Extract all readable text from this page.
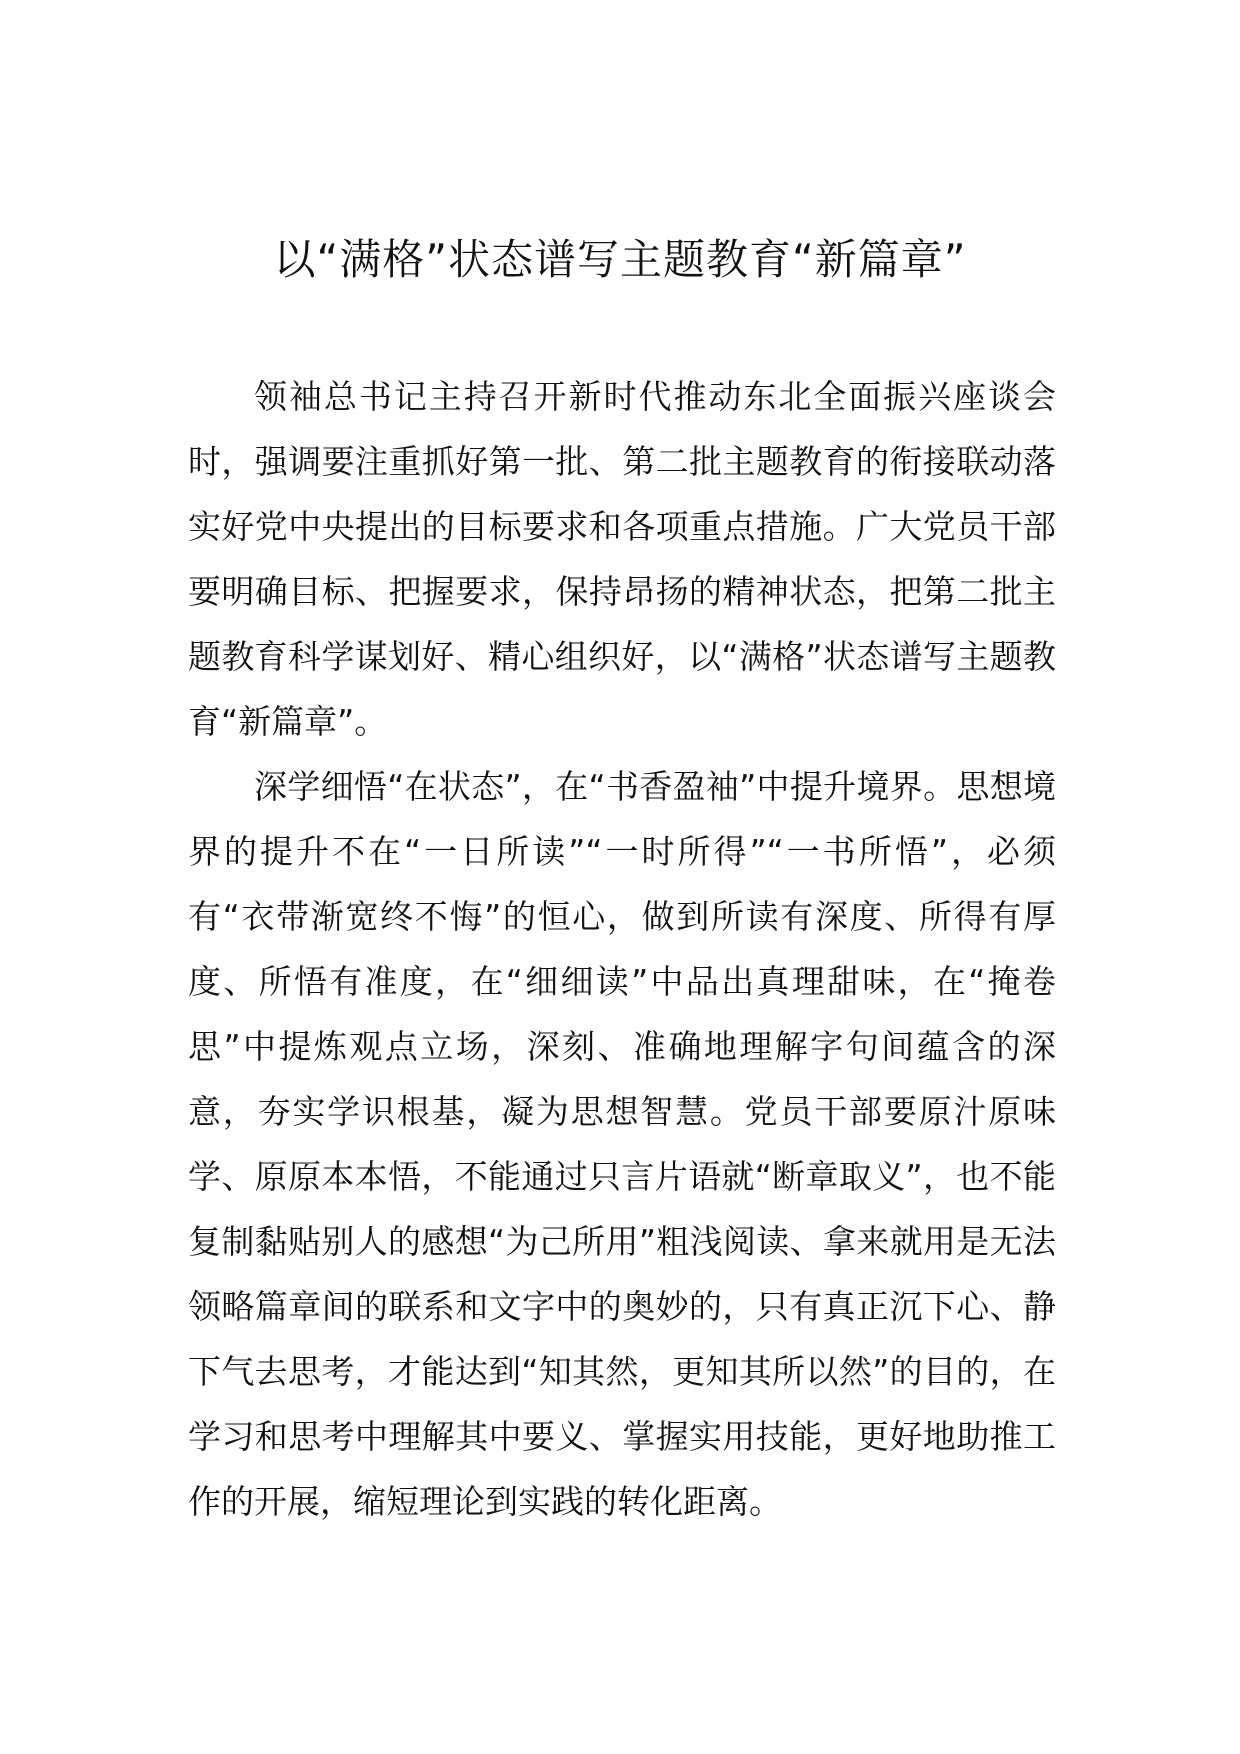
以“满格”状态谱写主题教育“新篇章”

领袖总书记主持召开新时代推动东北全面振兴座谈会时，强调要注重抓好第一批、第二批主题教育的衔接联动落实好党中央提出的目标要求和各项重点措施。广大党员干部要明确目标、把握要求，保持昂扬的精神状态，把第二批主题教育科学谋划好、精心组织好，以“满格”状态谱写主题教育“新篇章”。

深学细悟“在状态”，在“书香盈袖”中提升境界。思想境界的提升不在“一日所读”“一时所得”“一书所悟”，必须有“衣带渐宽终不悔”的恒心，做到所读有深度、所得有厚度、所悟有准度，在“细细读”中品出真理甜味，在“掩卷思”中提炼观点立场，深刻、准确地理解字句间蕴含的深意，夯实学识根基，凝为思想智慧。党员干部要原汁原味学、原原本本悟，不能通过只言片语就“断章取义”，也不能复制黏贴别人的感想“为己所用”粗浅阅读、拿来就用是无法领略篇章间的联系和文字中的奥妙的，只有真正沉下心、静下气去思考，才能达到“知其然，更知其所以然”的目的，在学习和思考中理解其中要义、掌握实用技能，更好地助推工作的开展，缩短理论到实践的转化距离。
